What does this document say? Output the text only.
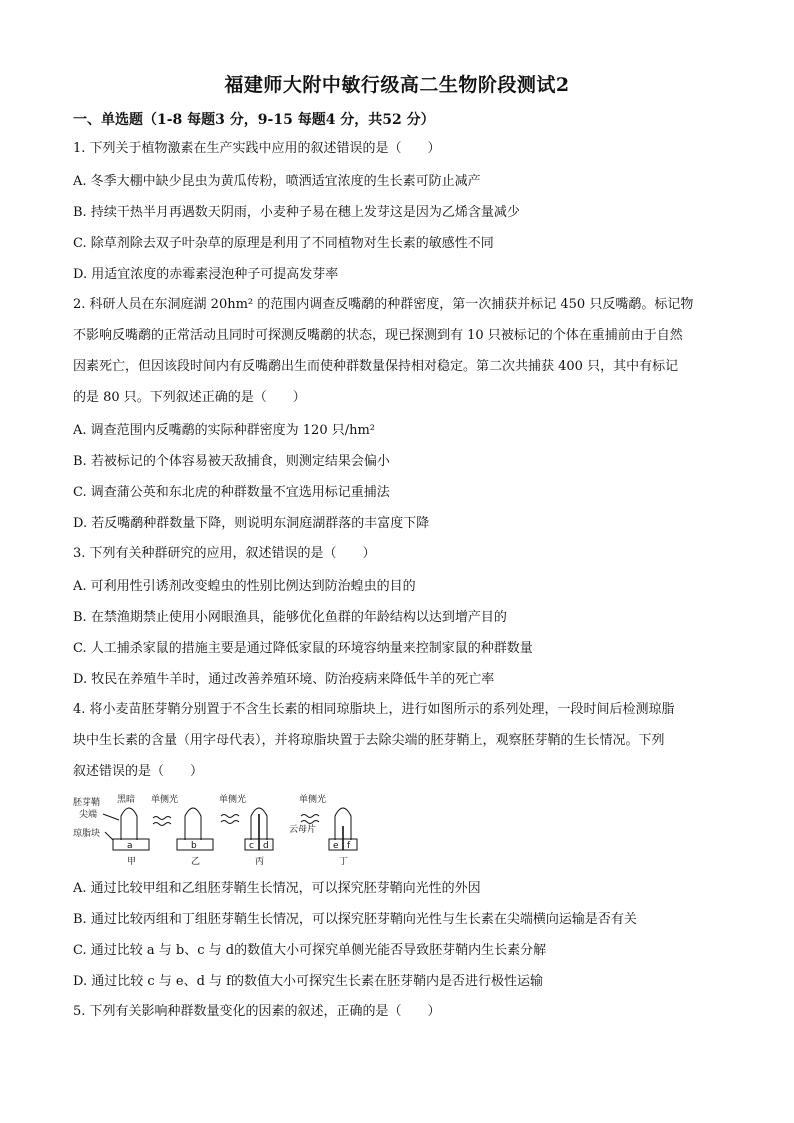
福建师大附中敏行级高二生物阶段测试2
一、单选题（1-8 每题3 分，9-15 每题4 分，共52 分）
1. 下列关于植物激素在生产实践中应用的叙述错误的是（　　）
A. 冬季大棚中缺少昆虫为黄瓜传粉，喷洒适宜浓度的生长素可防止减产
B. 持续干热半月再遇数天阴雨，小麦种子易在穗上发芽这是因为乙烯含量减少
C. 除草剂除去双子叶杂草的原理是利用了不同植物对生长素的敏感性不同
D. 用适宜浓度的赤霉素浸泡种子可提高发芽率
2. 科研人员在东洞庭湖 20hm² 的范围内调查反嘴鹬的种群密度，第一次捕获并标记 450 只反嘴鹬。标记物
不影响反嘴鹬的正常活动且同时可探测反嘴鹬的状态，现已探测到有 10 只被标记的个体在重捕前由于自然
因素死亡，但因该段时间内有反嘴鹬出生而使种群数量保持相对稳定。第二次共捕获 400 只，其中有标记
的是 80 只。下列叙述正确的是（　　）
A. 调查范围内反嘴鹬的实际种群密度为 120 只/hm²
B. 若被标记的个体容易被天敌捕食，则测定结果会偏小
C. 调查蒲公英和东北虎的种群数量不宜选用标记重捕法
D. 若反嘴鹬种群数量下降，则说明东洞庭湖群落的丰富度下降
3. 下列有关种群研究的应用，叙述错误的是（　　）
A. 可利用性引诱剂改变蝗虫的性别比例达到防治蝗虫的目的
B. 在禁渔期禁止使用小网眼渔具，能够优化鱼群的年龄结构以达到增产目的
C. 人工捕杀家鼠的措施主要是通过降低家鼠的环境容纳量来控制家鼠的种群数量
D. 牧民在养殖牛羊时，通过改善养殖环境、防治疫病来降低牛羊的死亡率
4. 将小麦苗胚芽鞘分别置于不含生长素的相同琼脂块上，进行如图所示的系列处理，一段时间后检测琼脂
块中生长素的含量（用字母代表），并将琼脂块置于去除尖端的胚芽鞘上，观察胚芽鞘的生长情况。下列
叙述错误的是（　　）
胚芽鞘
尖端
琼脂块
黑暗
a
甲
单侧光
b
乙
单侧光
c d
丙
单侧光
云母片
e f
丁
A. 通过比较甲组和乙组胚芽鞘生长情况，可以探究胚芽鞘向光性的外因
B. 通过比较丙组和丁组胚芽鞘生长情况，可以探究胚芽鞘向光性与生长素在尖端横向运输是否有关
C. 通过比较 a 与 b、c 与 d的数值大小可探究单侧光能否导致胚芽鞘内生长素分解
D. 通过比较 c 与 e、d 与 f的数值大小可探究生长素在胚芽鞘内是否进行极性运输
5. 下列有关影响种群数量变化的因素的叙述，正确的是（　　）
